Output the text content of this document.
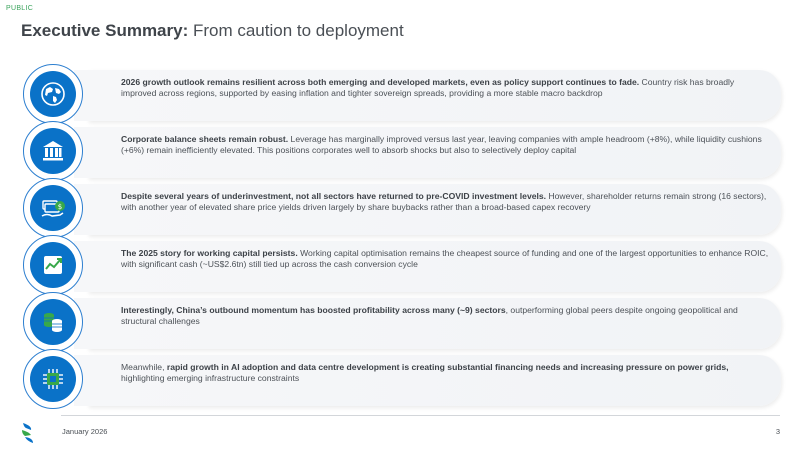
PUBLIC
Executive Summary: From caution to deployment
2026 growth outlook remains resilient across both emerging and developed markets, even as policy support continues to fade. Country risk has broadly improved across regions, supported by easing inflation and tighter sovereign spreads, providing a more stable macro backdrop
Corporate balance sheets remain robust. Leverage has marginally improved versus last year, leaving companies with ample headroom (+8%), while liquidity cushions (+6%) remain inefficiently elevated. This positions corporates well to absorb shocks but also to selectively deploy capital
$
Despite several years of underinvestment, not all sectors have returned to pre-COVID investment levels. However, shareholder returns remain strong (16 sectors), with another year of elevated share price yields driven largely by share buybacks rather than a broad-based capex recovery
The 2025 story for working capital persists. Working capital optimisation remains the cheapest source of funding and one of the largest opportunities to enhance ROIC, with significant cash (~US$2.6tn) still tied up across the cash conversion cycle
Interestingly, China’s outbound momentum has boosted profitability across many (~9) sectors, outperforming global peers despite ongoing geopolitical and structural challenges
Meanwhile, rapid growth in AI adoption and data centre development is creating substantial financing needs and increasing pressure on power grids, highlighting emerging infrastructure constraints
January 2026	3
